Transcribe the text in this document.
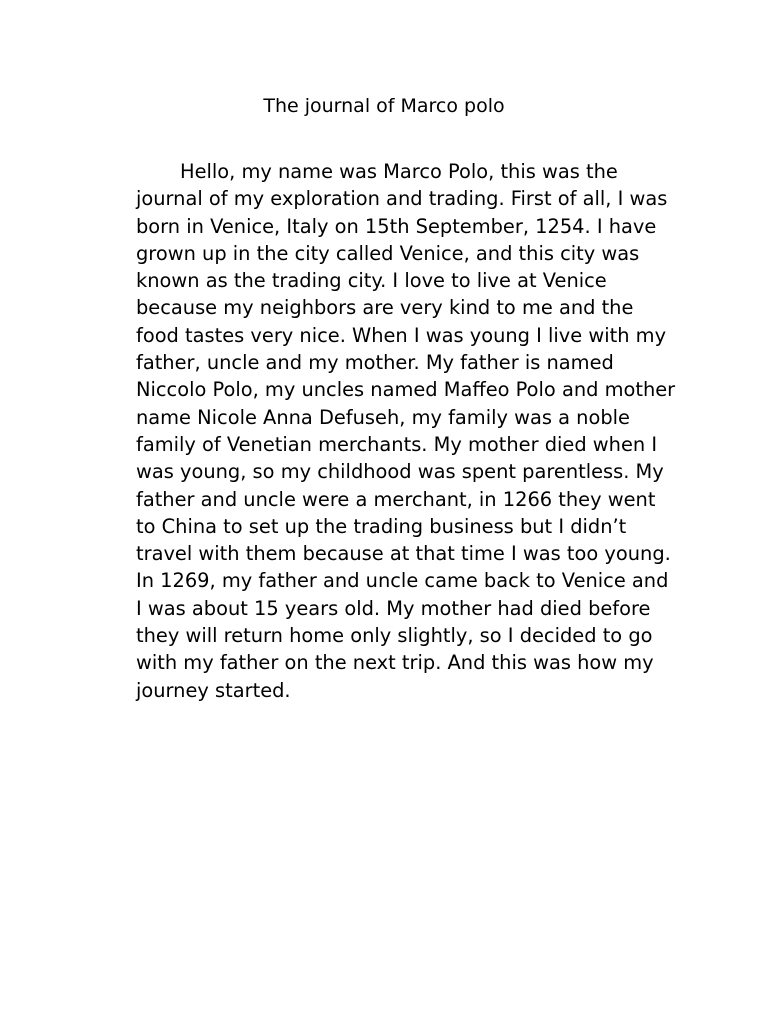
The journal of Marco polo

Hello, my name was Marco Polo, this was the journal of my exploration and trading. First of all, I was born in Venice, Italy on 15th September, 1254. I have grown up in the city called Venice, and this city was known as the trading city. I love to live at Venice because my neighbors are very kind to me and the food tastes very nice. When I was young I live with my father, uncle and my mother. My father is named Niccolo Polo, my uncles named Maffeo Polo and mother name Nicole Anna Defuseh, my family was a noble family of Venetian merchants. My mother died when I was young, so my childhood was spent parentless. My father and uncle were a merchant, in 1266 they went to China to set up the trading business but I didn’t travel with them because at that time I was too young. In 1269, my father and uncle came back to Venice and I was about 15 years old. My mother had died before they will return home only slightly, so I decided to go with my father on the next trip. And this was how my journey started.
